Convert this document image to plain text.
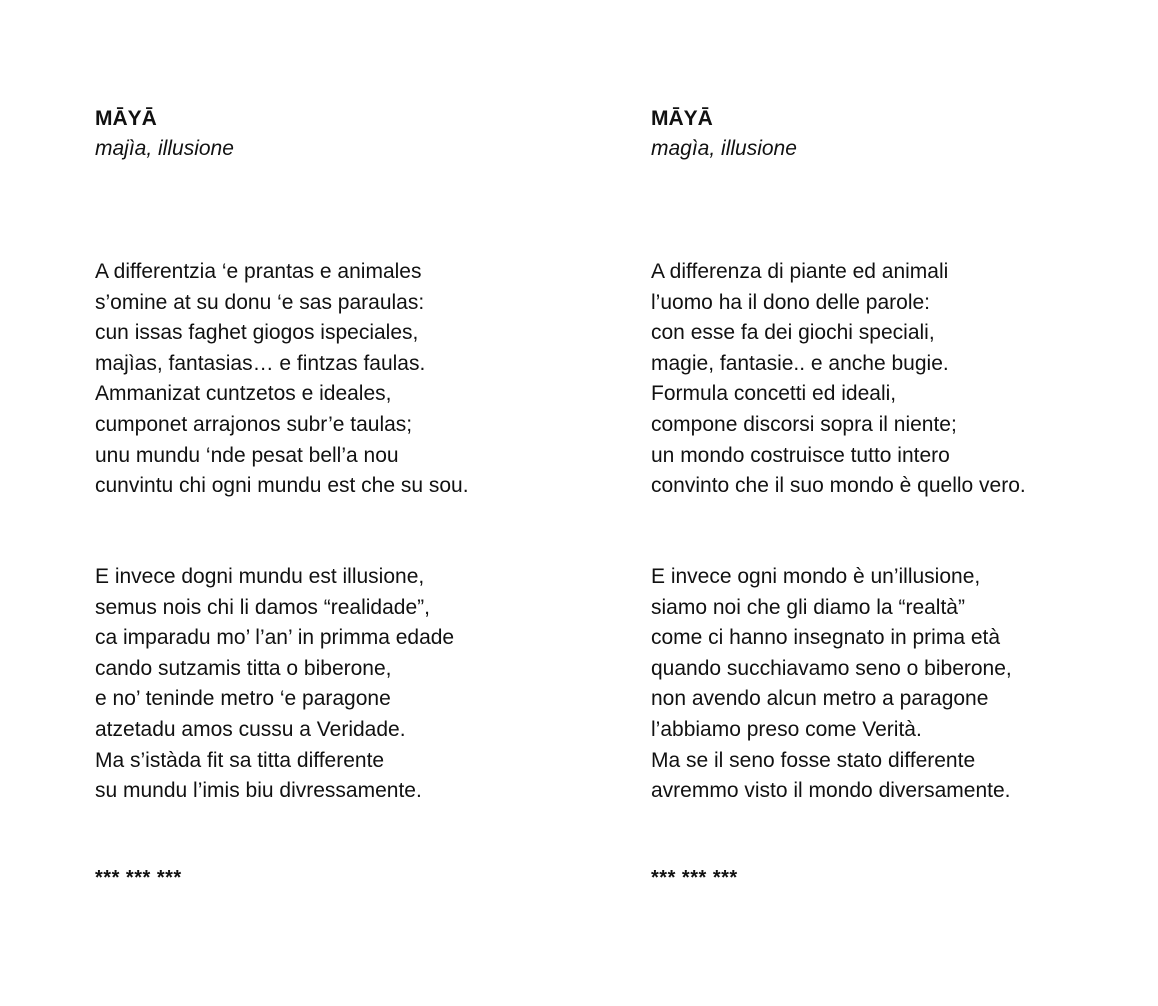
MĀYĀ

majìa, illusione

A differentzia ‘e prantas e animales
s’omine at su donu ‘e sas paraulas:
cun issas faghet giogos ispeciales,
majìas, fantasias… e fintzas faulas.
Ammanizat cuntzetos e ideales,
cumponet arrajonos subr’e taulas;
unu mundu ‘nde pesat bell’a nou
cunvintu chi ogni mundu est che su sou.
E invece dogni mundu est illusione,
semus nois chi li damos “realidade”,
ca imparadu mo’ l’an’ in primma edade
cando sutzamis titta o biberone,
e no’ teninde metro ‘e paragone
atzetadu amos cussu a Veridade.
Ma s’istàda fit sa titta differente
su mundu l’imis biu divressamente.
*** *** ***

MĀYĀ

magìa, illusione

A differenza di piante ed animali
l’uomo ha il dono delle parole:
con esse fa dei giochi speciali,
magie, fantasie.. e anche bugie.
Formula concetti ed ideali,
compone discorsi sopra il niente;
un mondo costruisce tutto intero
convinto che il suo mondo è quello vero.
E invece ogni mondo è un’illusione,
siamo noi che gli diamo la “realtà”
come ci hanno insegnato in prima età
quando succhiavamo seno o biberone,
non avendo alcun metro a paragone
l’abbiamo preso come Verità.
Ma se il seno fosse stato differente
avremmo visto il mondo diversamente.
*** *** ***
